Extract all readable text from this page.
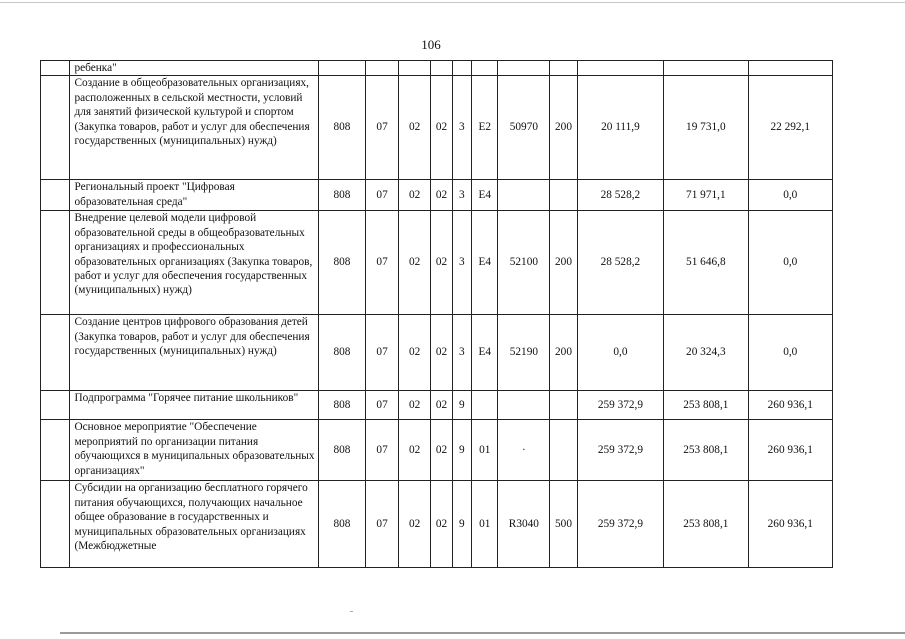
106
	ребенка"											
	Создание в общеобразовательных организациях, расположенных в сельской местности, условий для занятий физической культурой и спортом (Закупка товаров, работ и услуг для обеспечения государственных (муниципальных) нужд)	808	07	02	02	3	E2	50970	200	20 111,9	19 731,0	22 292,1
	Региональный проект "Цифровая образовательная среда"	808	07	02	02	3	E4			28 528,2	71 971,1	0,0
	Внедрение целевой модели цифровой образовательной среды в общеобразовательных организациях и профессиональных образовательных организациях (Закупка товаров, работ и услуг для обеспечения государственных (муниципальных) нужд)	808	07	02	02	3	E4	52100	200	28 528,2	51 646,8	0,0
	Создание центров цифрового образования детей (Закупка товаров, работ и услуг для обеспечения государственных (муниципальных) нужд)	808	07	02	02	3	E4	52190	200	0,0	20 324,3	0,0
	Подпрограмма "Горячее питание школьников"	808	07	02	02	9				259 372,9	253 808,1	260 936,1
	Основное мероприятие "Обеспечение мероприятий по организации питания обучающихся в муниципальных образовательных организациях"	808	07	02	02	9	01	·		259 372,9	253 808,1	260 936,1
	Субсидии на организацию бесплатного горячего питания обучающихся, получающих начальное общее образование в государственных и муниципальных образовательных организациях (Межбюджетные	808	07	02	02	9	01	R3040	500	259 372,9	253 808,1	260 936,1
